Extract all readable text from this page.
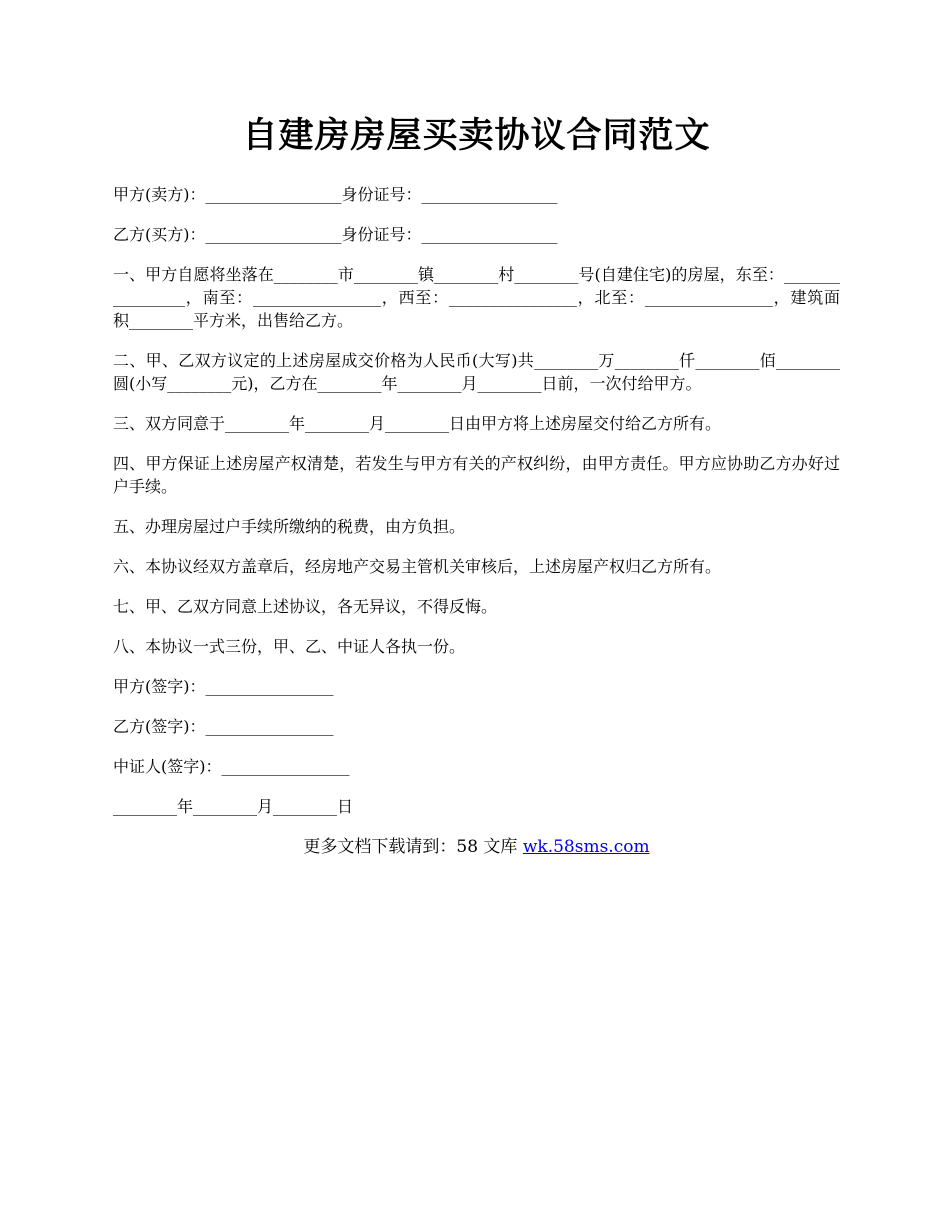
自建房房屋买卖协议合同范文

甲方(卖方)：_________________身份证号：_________________

乙方(买方)：_________________身份证号：_________________

一、甲方自愿将坐落在________市________镇________村________号(自建住宅)的房屋，东至：________________，南至：________________，西至：________________，北至：________________，建筑面积________平方米，出售给乙方。

二、甲、乙双方议定的上述房屋成交价格为人民币(大写)共________万________仟________佰________圆(小写________元)，乙方在________年________月________日前，一次付给甲方。

三、双方同意于________年________月________日由甲方将上述房屋交付给乙方所有。

四、甲方保证上述房屋产权清楚，若发生与甲方有关的产权纠纷，由甲方责任。甲方应协助乙方办好过户手续。

五、办理房屋过户手续所缴纳的税费，由方负担。

六、本协议经双方盖章后，经房地产交易主管机关审核后，上述房屋产权归乙方所有。

七、甲、乙双方同意上述协议，各无异议，不得反悔。

八、本协议一式三份，甲、乙、中证人各执一份。

甲方(签字)：________________

乙方(签字)：________________

中证人(签字)：________________

________年________月________日

更多文档下载请到：58 文库 wk.58sms.com
